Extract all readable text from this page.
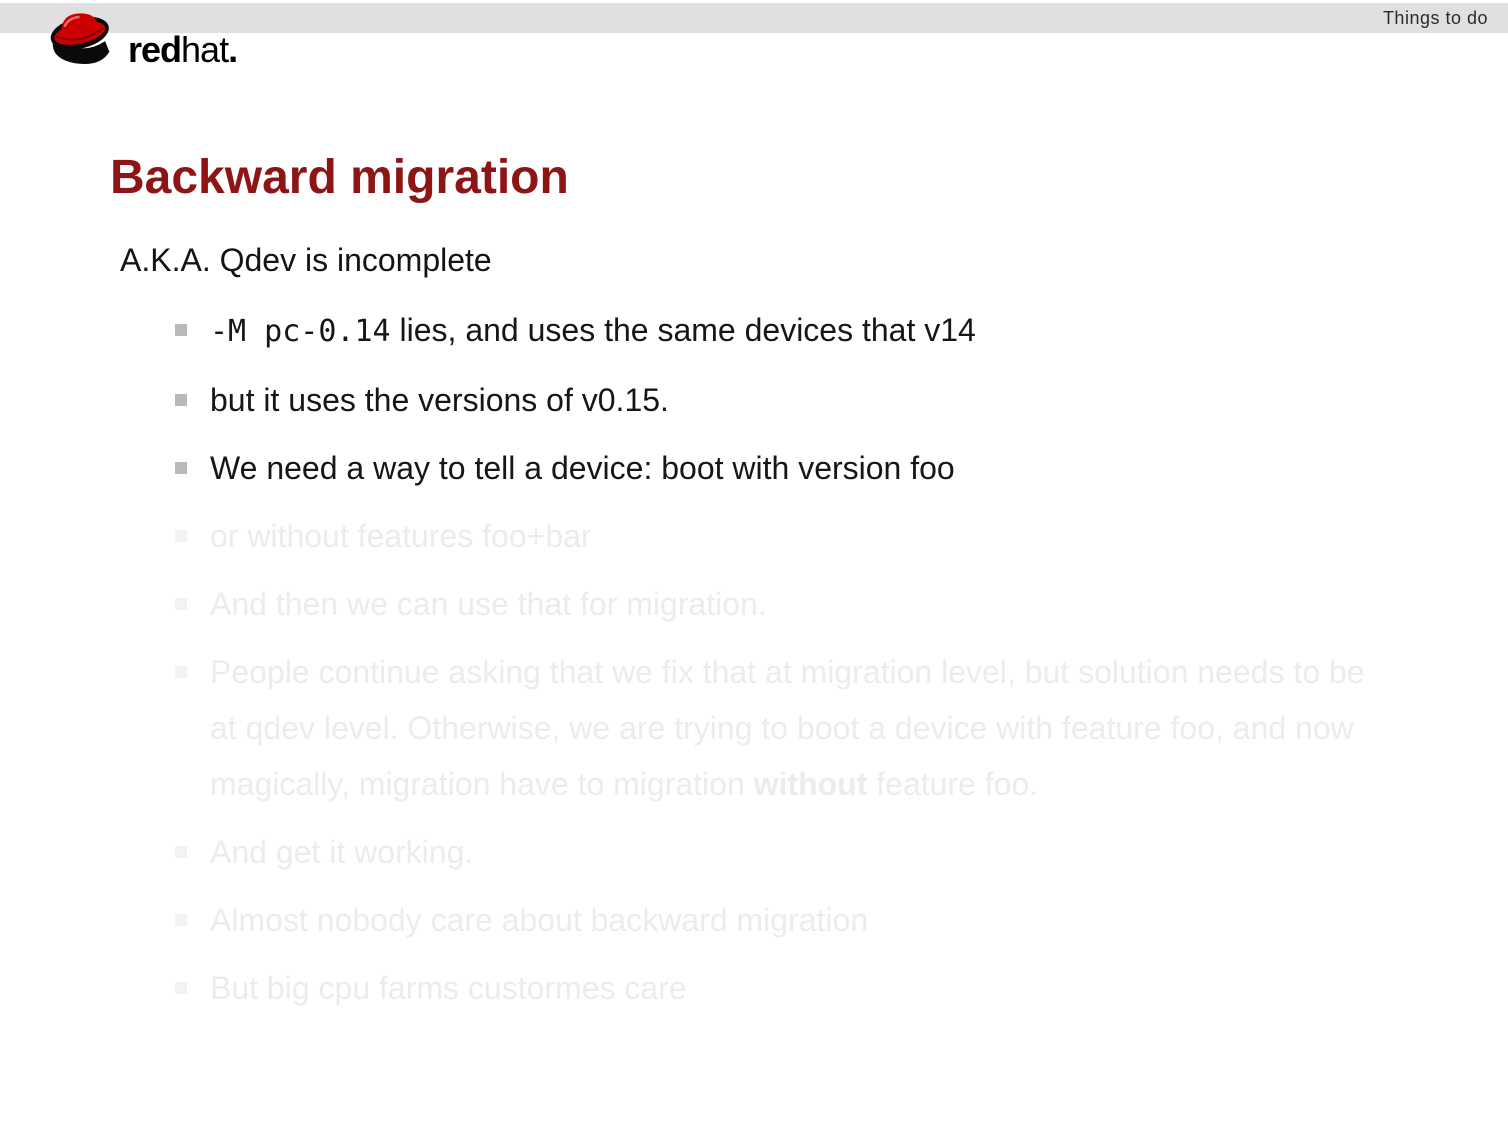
Things to do
redhat.
Backward migration

A.K.A. Qdev is incomplete

-M pc-0.14 lies, and uses the same devices that v14
but it uses the versions of v0.15.
We need a way to tell a device: boot with version foo
or without features foo+bar
And then we can use that for migration.
People continue asking that we fix that at migration level, but solution needs to be at qdev level. Otherwise, we are trying to boot a device with feature foo, and now magically, migration have to migration without feature foo.
And get it working.
Almost nobody care about backward migration
But big cpu farms custormes care
